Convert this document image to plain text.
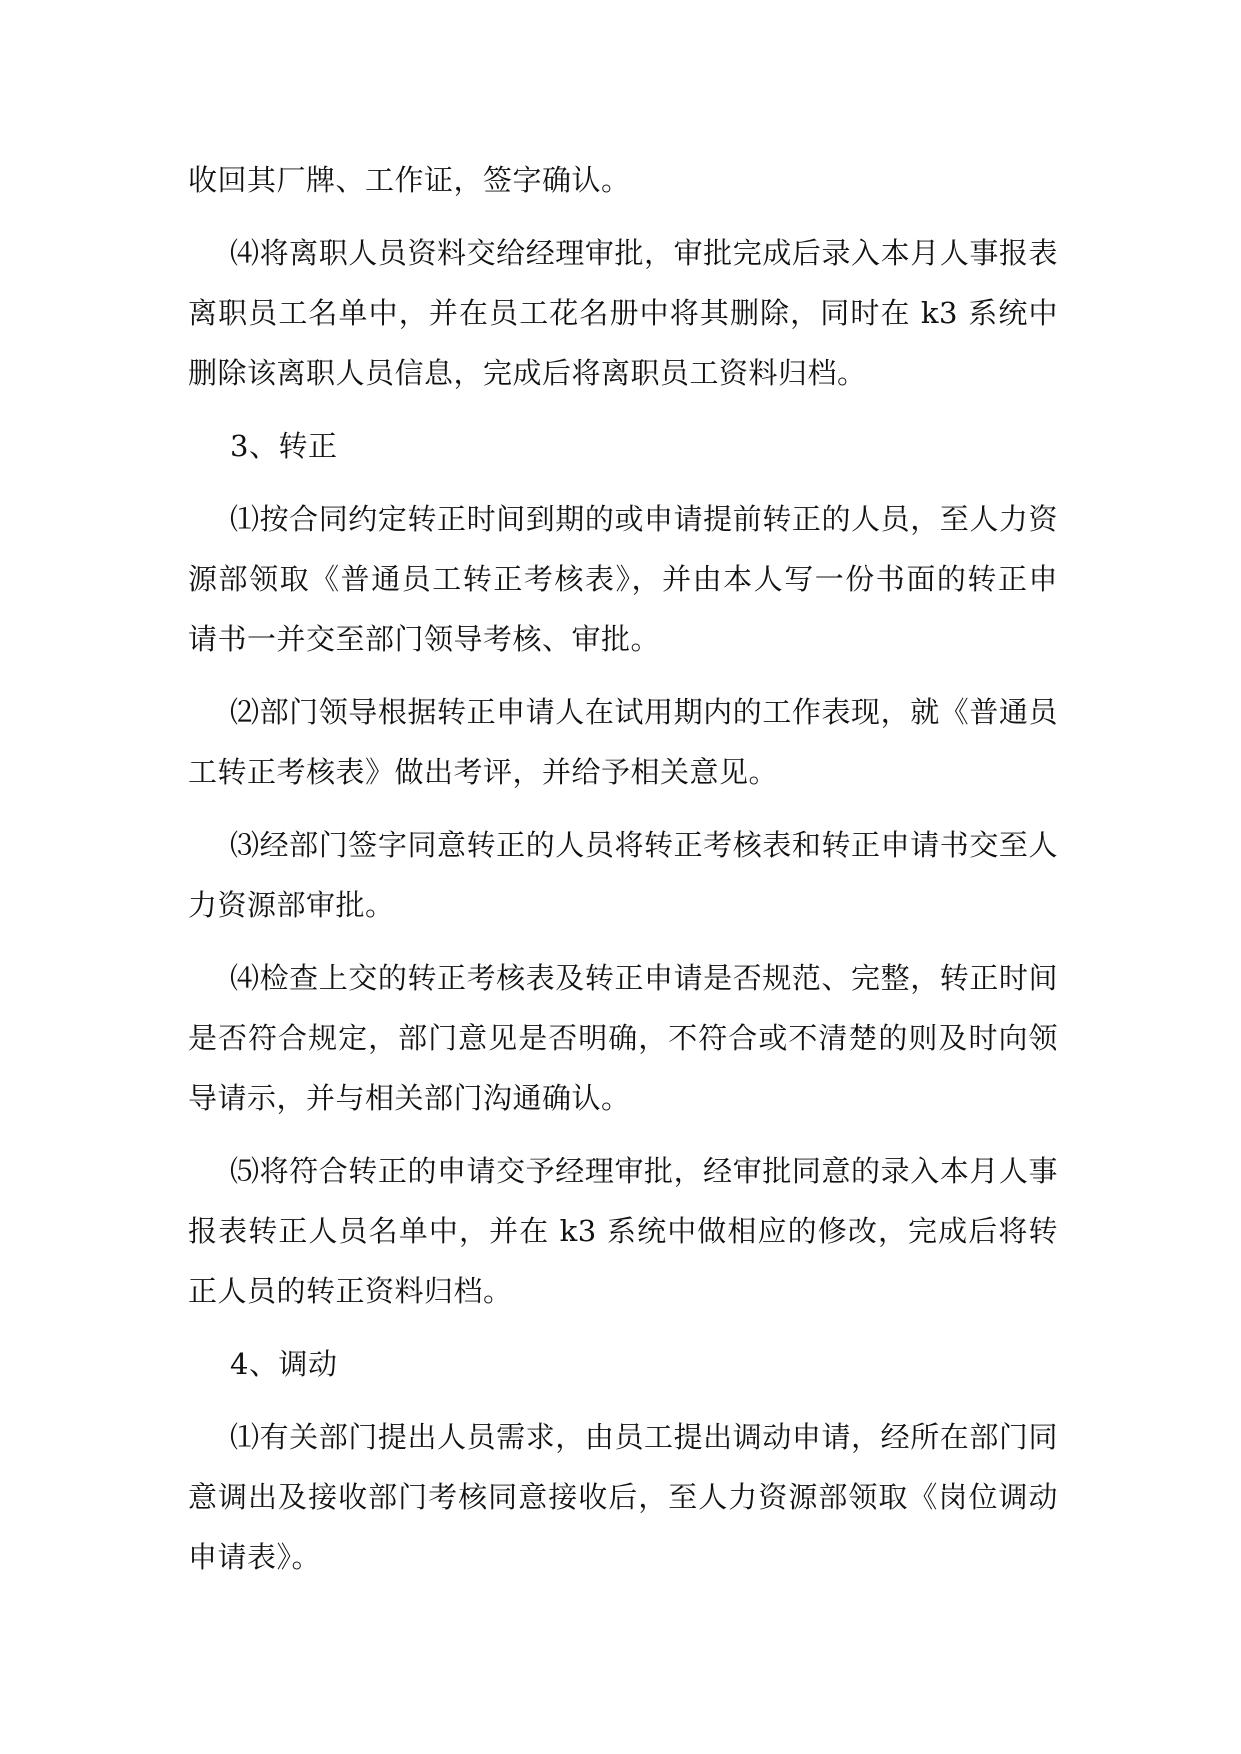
收回其厂牌、工作证，签字确认。

⑷将离职人员资料交给经理审批，审批完成后录入本月人事报表离职员工名单中，并在员工花名册中将其删除，同时在 k3 系统中删除该离职人员信息，完成后将离职员工资料归档。

3、转正

⑴按合同约定转正时间到期的或申请提前转正的人员，至人力资源部领取《普通员工转正考核表》，并由本人写一份书面的转正申请书一并交至部门领导考核、审批。

⑵部门领导根据转正申请人在试用期内的工作表现，就《普通员工转正考核表》做出考评，并给予相关意见。

⑶经部门签字同意转正的人员将转正考核表和转正申请书交至人力资源部审批。

⑷检查上交的转正考核表及转正申请是否规范、完整，转正时间是否符合规定，部门意见是否明确，不符合或不清楚的则及时向领导请示，并与相关部门沟通确认。

⑸将符合转正的申请交予经理审批，经审批同意的录入本月人事报表转正人员名单中，并在 k3 系统中做相应的修改，完成后将转正人员的转正资料归档。

4、调动

⑴有关部门提出人员需求，由员工提出调动申请，经所在部门同意调出及接收部门考核同意接收后，至人力资源部领取《岗位调动申请表》。
